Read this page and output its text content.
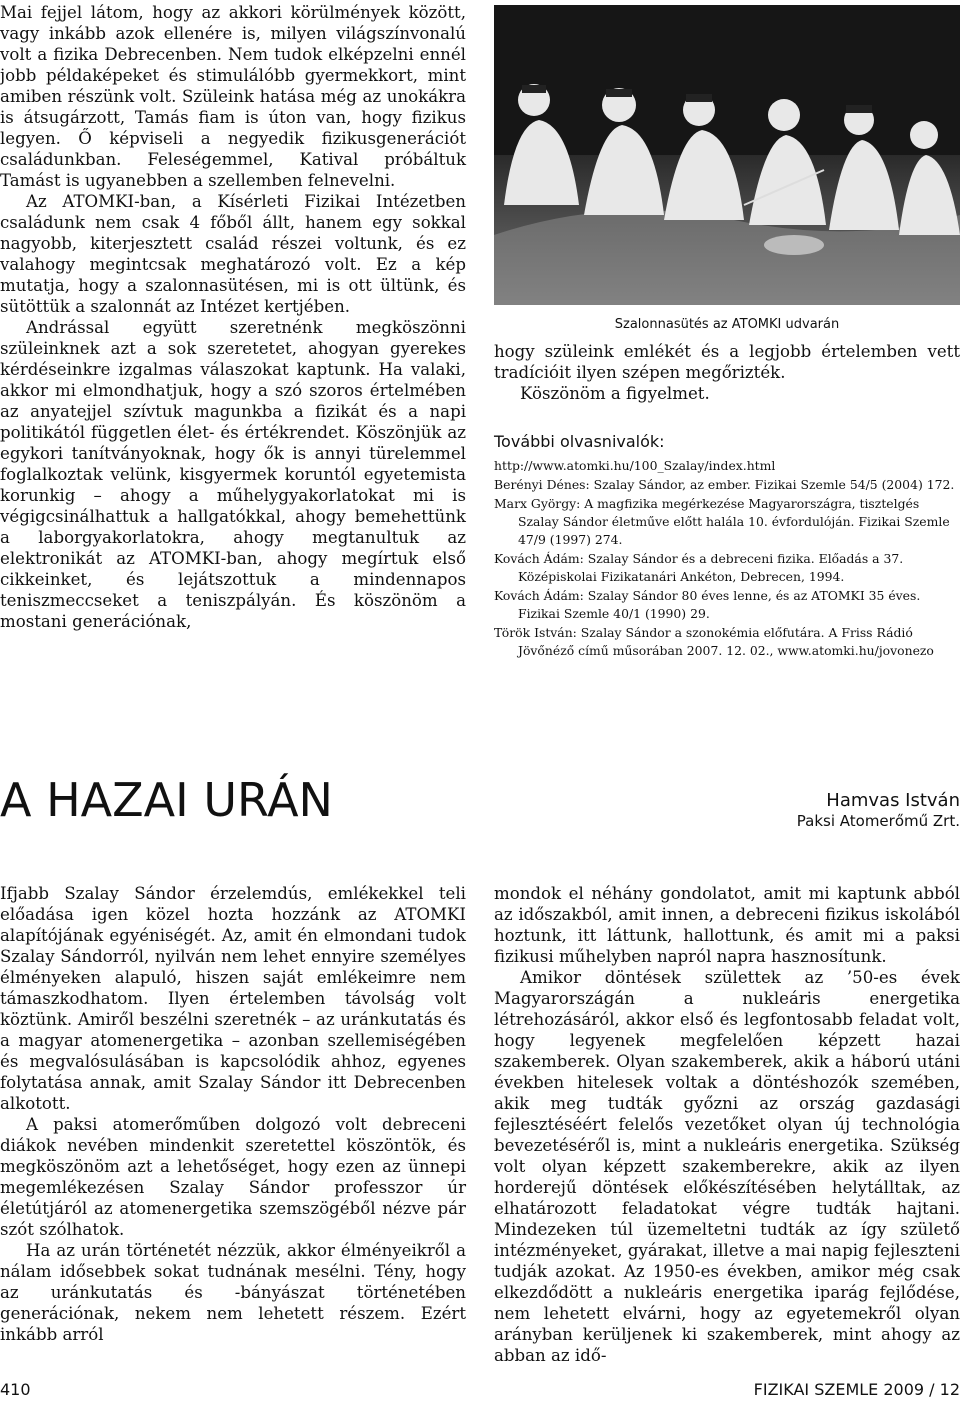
Mai fejjel látom, hogy az akkori körülmények között, vagy inkább azok ellenére is, milyen világszínvonalú volt a fizika Debrecenben. Nem tudok elképzelni ennél jobb példaképeket és stimulálóbb gyermekkort, mint amiben részünk volt. Szüleink hatása még az unokákra is átsugárzott, Tamás fiam is úton van, hogy fizikus legyen. Ő képviseli a negyedik fizikusgenerációt családunkban. Feleségemmel, Katival próbáltuk Tamást is ugyanebben a szellemben felnevelni.

Az ATOMKI-ban, a Kísérleti Fizikai Intézetben családunk nem csak 4 főből állt, hanem egy sokkal nagyobb, kiterjesztett család részei voltunk, és ez valahogy megintcsak meghatározó volt. Ez a kép mutatja, hogy a szalonnasütésen, mi is ott ültünk, és sütöttük a szalonnát az Intézet kertjében.

Andrással együtt szeretnénk megköszönni szüleinknek azt a sok szeretetet, ahogyan gyerekes kérdéseinkre izgalmas válaszokat kaptunk. Ha valaki, akkor mi elmondhatjuk, hogy a szó szoros értelmében az anyatejjel szívtuk magunkba a fizikát és a napi politikától független élet- és értékrendet. Köszönjük az egykori tanítványoknak, hogy ők is annyi türelemmel foglalkoztak velünk, kisgyermek koruntól egyetemista korunkig – ahogy a műhelygyakorlatokat mi is végigcsinálhattuk a hallgatókkal, ahogy bemehettünk a laborgyakorlatokra, ahogy megtanultuk az elektronikát az ATOMKI-ban, ahogy megírtuk első cikkeinket, és lejátszottuk a mindennapos teniszmeccseket a teniszpályán. És köszönöm a mostani generációnak,

Szalonnasütés az ATOMKI udvarán

hogy szüleink emlékét és a legjobb értelemben vett tradícióit ilyen szépen megőrizték.

Köszönöm a figyelmet.

További olvasnivalók:

http://www.atomki.hu/100_Szalay/index.html

Berényi Dénes: Szalay Sándor, az ember. Fizikai Szemle 54/5 (2004) 172.

Marx György: A magfizika megérkezése Magyarországra, tisztelgés Szalay Sándor életműve előtt halála 10. évfordulóján. Fizikai Szemle 47/9 (1997) 274.

Kovách Ádám: Szalay Sándor és a debreceni fizika. Előadás a 37. Középiskolai Fizikatanári Ankéton, Debrecen, 1994.

Kovách Ádám: Szalay Sándor 80 éves lenne, és az ATOMKI 35 éves. Fizikai Szemle 40/1 (1990) 29.

Török István: Szalay Sándor a szonokémia előfutára. A Friss Rádió Jövőnéző című műsorában 2007. 12. 02., www.atomki.hu/jovonezo

A HAZAI URÁN	Hamvas István
Paksi Atomerőmű Zrt.

Ifjabb Szalay Sándor érzelemdús, emlékekkel teli előadása igen közel hozta hozzánk az ATOMKI alapítójának egyéniségét. Az, amit én elmondani tudok Szalay Sándorról, nyilván nem lehet ennyire személyes élményeken alapuló, hiszen saját emlékeimre nem támaszkodhatom. Ilyen értelemben távolság volt köztünk. Amiről beszélni szeretnék – az uránkutatás és a magyar atomenergetika – azonban szellemiségében és megvalósulásában is kapcsolódik ahhoz, egyenes folytatása annak, amit Szalay Sándor itt Debrecenben alkotott.

A paksi atomerőműben dolgozó volt debreceni diákok nevében mindenkit szeretettel köszöntök, és megköszönöm azt a lehetőséget, hogy ezen az ünnepi megemlékezésen Szalay Sándor professzor úr életútjáról az atomenergetika szemszögéből nézve pár szót szólhatok.

Ha az urán történetét nézzük, akkor élményeikről a nálam idősebbek sokat tudnának mesélni. Tény, hogy az uránkutatás és -bányászat történetében generációnak, nekem nem lehetett részem. Ezért inkább arról

mondok el néhány gondolatot, amit mi kaptunk abból az időszakból, amit innen, a debreceni fizikus iskolából hoztunk, itt láttunk, hallottunk, és amit mi a paksi fizikusi műhelyben napról napra hasznosítunk.

Amikor döntések születtek az ’50-es évek Magyarországán a nukleáris energetika létrehozásáról, akkor első és legfontosabb feladat volt, hogy legyenek megfelelően képzett hazai szakemberek. Olyan szakemberek, akik a háború utáni években hitelesek voltak a döntéshozók szemében, akik meg tudták győzni az ország gazdasági fejlesztéséért felelős vezetőket olyan új technológia bevezetéséről is, mint a nukleáris energetika. Szükség volt olyan képzett szakemberekre, akik az ilyen horderejű döntések előkészítésében helytálltak, az elhatározott feladatokat végre tudták hajtani. Mindezeken túl üzemeltetni tudták az így születő intézményeket, gyárakat, illetve a mai napig fejleszteni tudják azokat. Az 1950-es években, amikor még csak elkezdődött a nukleáris energetika iparág fejlődése, nem lehetett elvárni, hogy az egyetemekről olyan arányban kerüljenek ki szakemberek, mint ahogy az abban az idő-

410	FIZIKAI SZEMLE 2009 / 12
